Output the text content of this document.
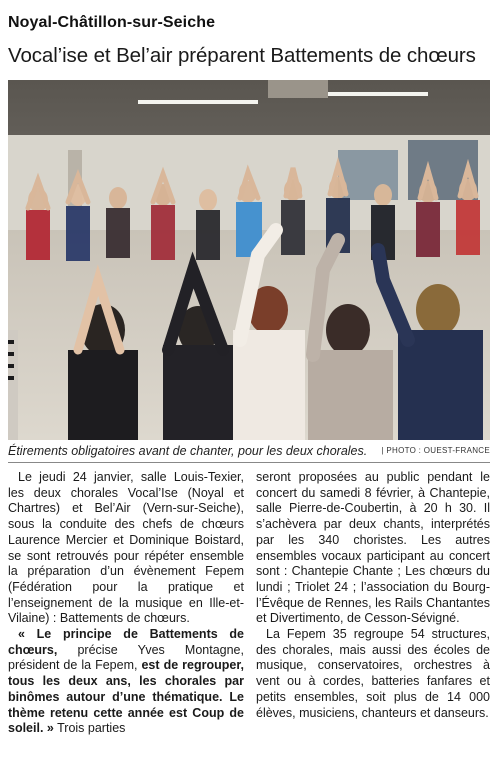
Noyal-Châtillon-sur-Seiche
Vocal’ise et Bel’air préparent Battements de chœurs
Étirements obligatoires avant de chanter, pour les deux chorales. | PHOTO : OUEST-FRANCE

Le jeudi 24 janvier, salle Louis-Texier, les deux chorales Vocal’Ise (Noyal et Chartres) et Bel’Air (Vern-sur-Seiche), sous la conduite des chefs de chœurs Laurence Mercier et Dominique Boistard, se sont retrouvés pour répéter ensemble la préparation d’un évènement Fepem (Fédération pour la pratique et l’enseignement de la musique en Ille-et-Vilaine) : Battements de chœurs.

« Le principe de Battements de chœurs, précise Yves Montagne, président de la Fepem, est de regrouper, tous les deux ans, les chorales par binômes autour d’une thématique. Le thème retenu cette année est Coup de soleil. » Trois parties

seront proposées au public pendant le concert du samedi 8 février, à Chantepie, salle Pierre-de-Coubertin, à 20 h 30. Il s’achèvera par deux chants, interprétés par les 340 choristes. Les autres ensembles vocaux participant au concert sont : Chantepie Chante ; Les chœurs du lundi ; Triolet 24 ; l’association du Bourg-l’Évêque de Rennes, les Rails Chantantes et Divertimento, de Cesson-Sévigné.

La Fepem 35 regroupe 54 structures, des chorales, mais aussi des écoles de musique, conservatoires, orchestres à vent ou à cordes, batteries fanfares et petits ensembles, soit plus de 14 000 élèves, musiciens, chanteurs et danseurs.
